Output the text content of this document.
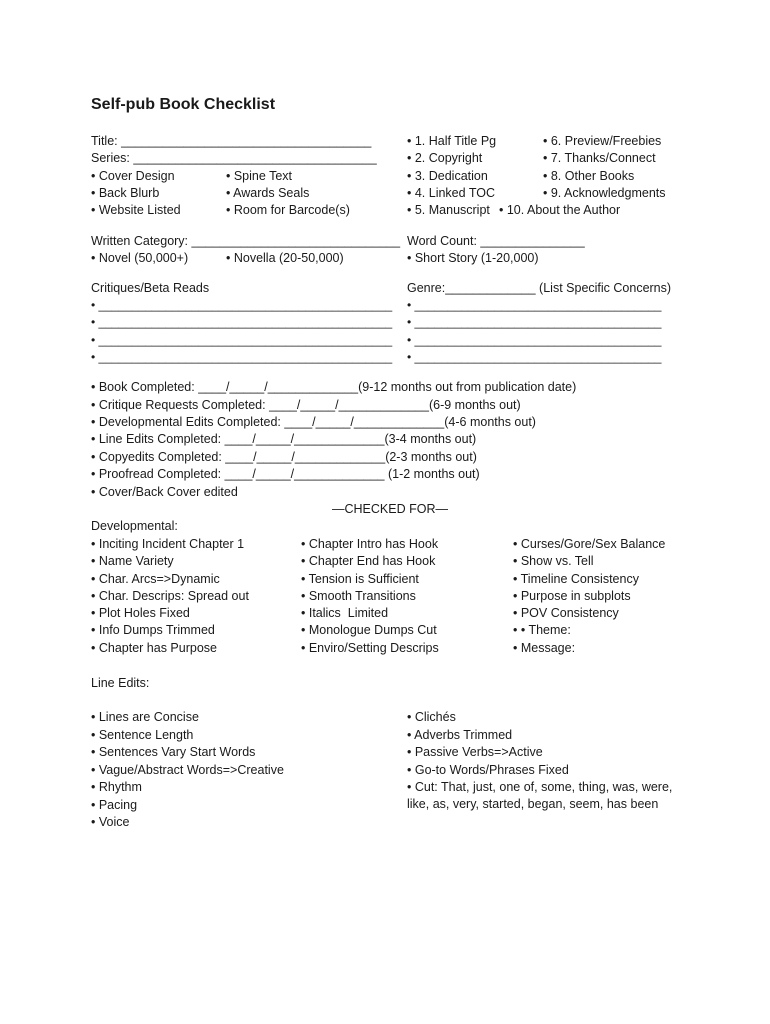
Self-pub Book Checklist
Title: ____________________________________
Series: ___________________________________
• Cover Design
• Back Blurb
• Website Listed
• Spine Text
• Awards Seals
• Room for Barcode(s)
• 1. Half Title Pg
• 2. Copyright
• 3. Dedication
• 4. Linked TOC
• 5. Manuscript
• 6. Preview/Freebies
• 7. Thanks/Connect
• 8. Other Books
• 9. Acknowledgments
• 10. About the Author
Written Category: ______________________________
• Novel (50,000+)	• Novella (20-50,000)
Word Count: _______________
• Short Story (1-20,000)
Critiques/Beta Reads
• ____________________________________________
• ____________________________________________
• ____________________________________________
• ____________________________________________
Genre:_____________ (List Specific Concerns)
• _____________________________________
• _____________________________________
• _____________________________________
• _____________________________________
• Book Completed: ____/_____/_____________(9-12 months out from publication date)
• Critique Requests Completed: ____/_____/_____________(6-9 months out)
• Developmental Edits Completed: ____/_____/_____________(4-6 months out)
• Line Edits Completed: ____/_____/_____________(3-4 months out)
• Copyedits Completed: ____/_____/_____________(2-3 months out)
• Proofread Completed: ____/_____/_____________ (1-2 months out)
• Cover/Back Cover edited
—CHECKED FOR—
Developmental:
• Inciting Incident Chapter 1
• Name Variety
• Char. Arcs=>Dynamic
• Char. Descrips: Spread out
• Plot Holes Fixed
• Info Dumps Trimmed
• Chapter has Purpose
• Chapter Intro has Hook
• Chapter End has Hook
• Tension is Sufficient
• Smooth Transitions
• Italics  Limited
• Monologue Dumps Cut
• Enviro/Setting Descrips
• Curses/Gore/Sex Balance
• Show vs. Tell
• Timeline Consistency
• Purpose in subplots
• POV Consistency
• • Theme:
• Message:
Line Edits:
• Lines are Concise
• Sentence Length
• Sentences Vary Start Words
• Vague/Abstract Words=>Creative
• Rhythm
• Pacing
• Voice
• Clichés
• Adverbs Trimmed
• Passive Verbs=>Active
• Go-to Words/Phrases Fixed
• Cut: That, just, one of, some, thing, was, were, like, as, very, started, began, seem, has been
